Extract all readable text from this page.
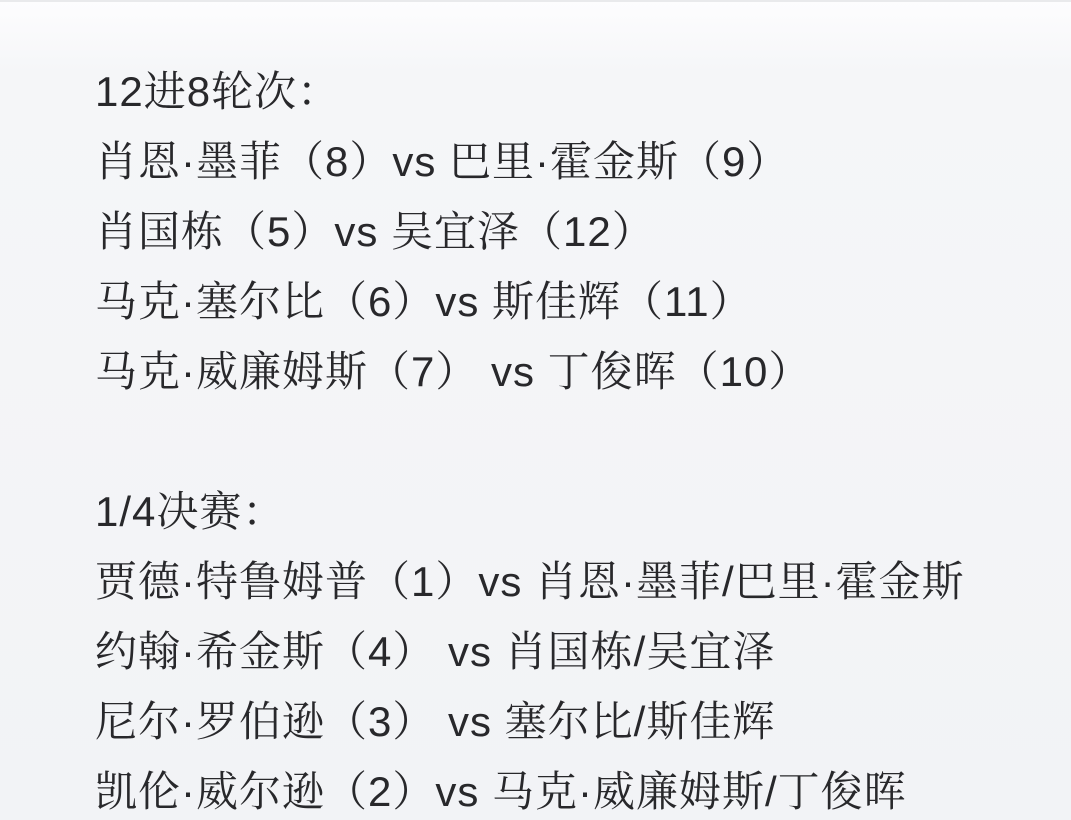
12进8轮次：
肖恩·墨菲（8）vs 巴里·霍金斯（9）
肖国栋（5）vs 吴宜泽（12）
马克·塞尔比（6）vs 斯佳辉（11）
马克·威廉姆斯（7） vs 丁俊晖（10）
1/4决赛：
贾德·特鲁姆普（1）vs 肖恩·墨菲/巴里·霍金斯
约翰·希金斯（4） vs 肖国栋/吴宜泽
尼尔·罗伯逊（3） vs 塞尔比/斯佳辉
凯伦·威尔逊（2）vs 马克·威廉姆斯/丁俊晖
